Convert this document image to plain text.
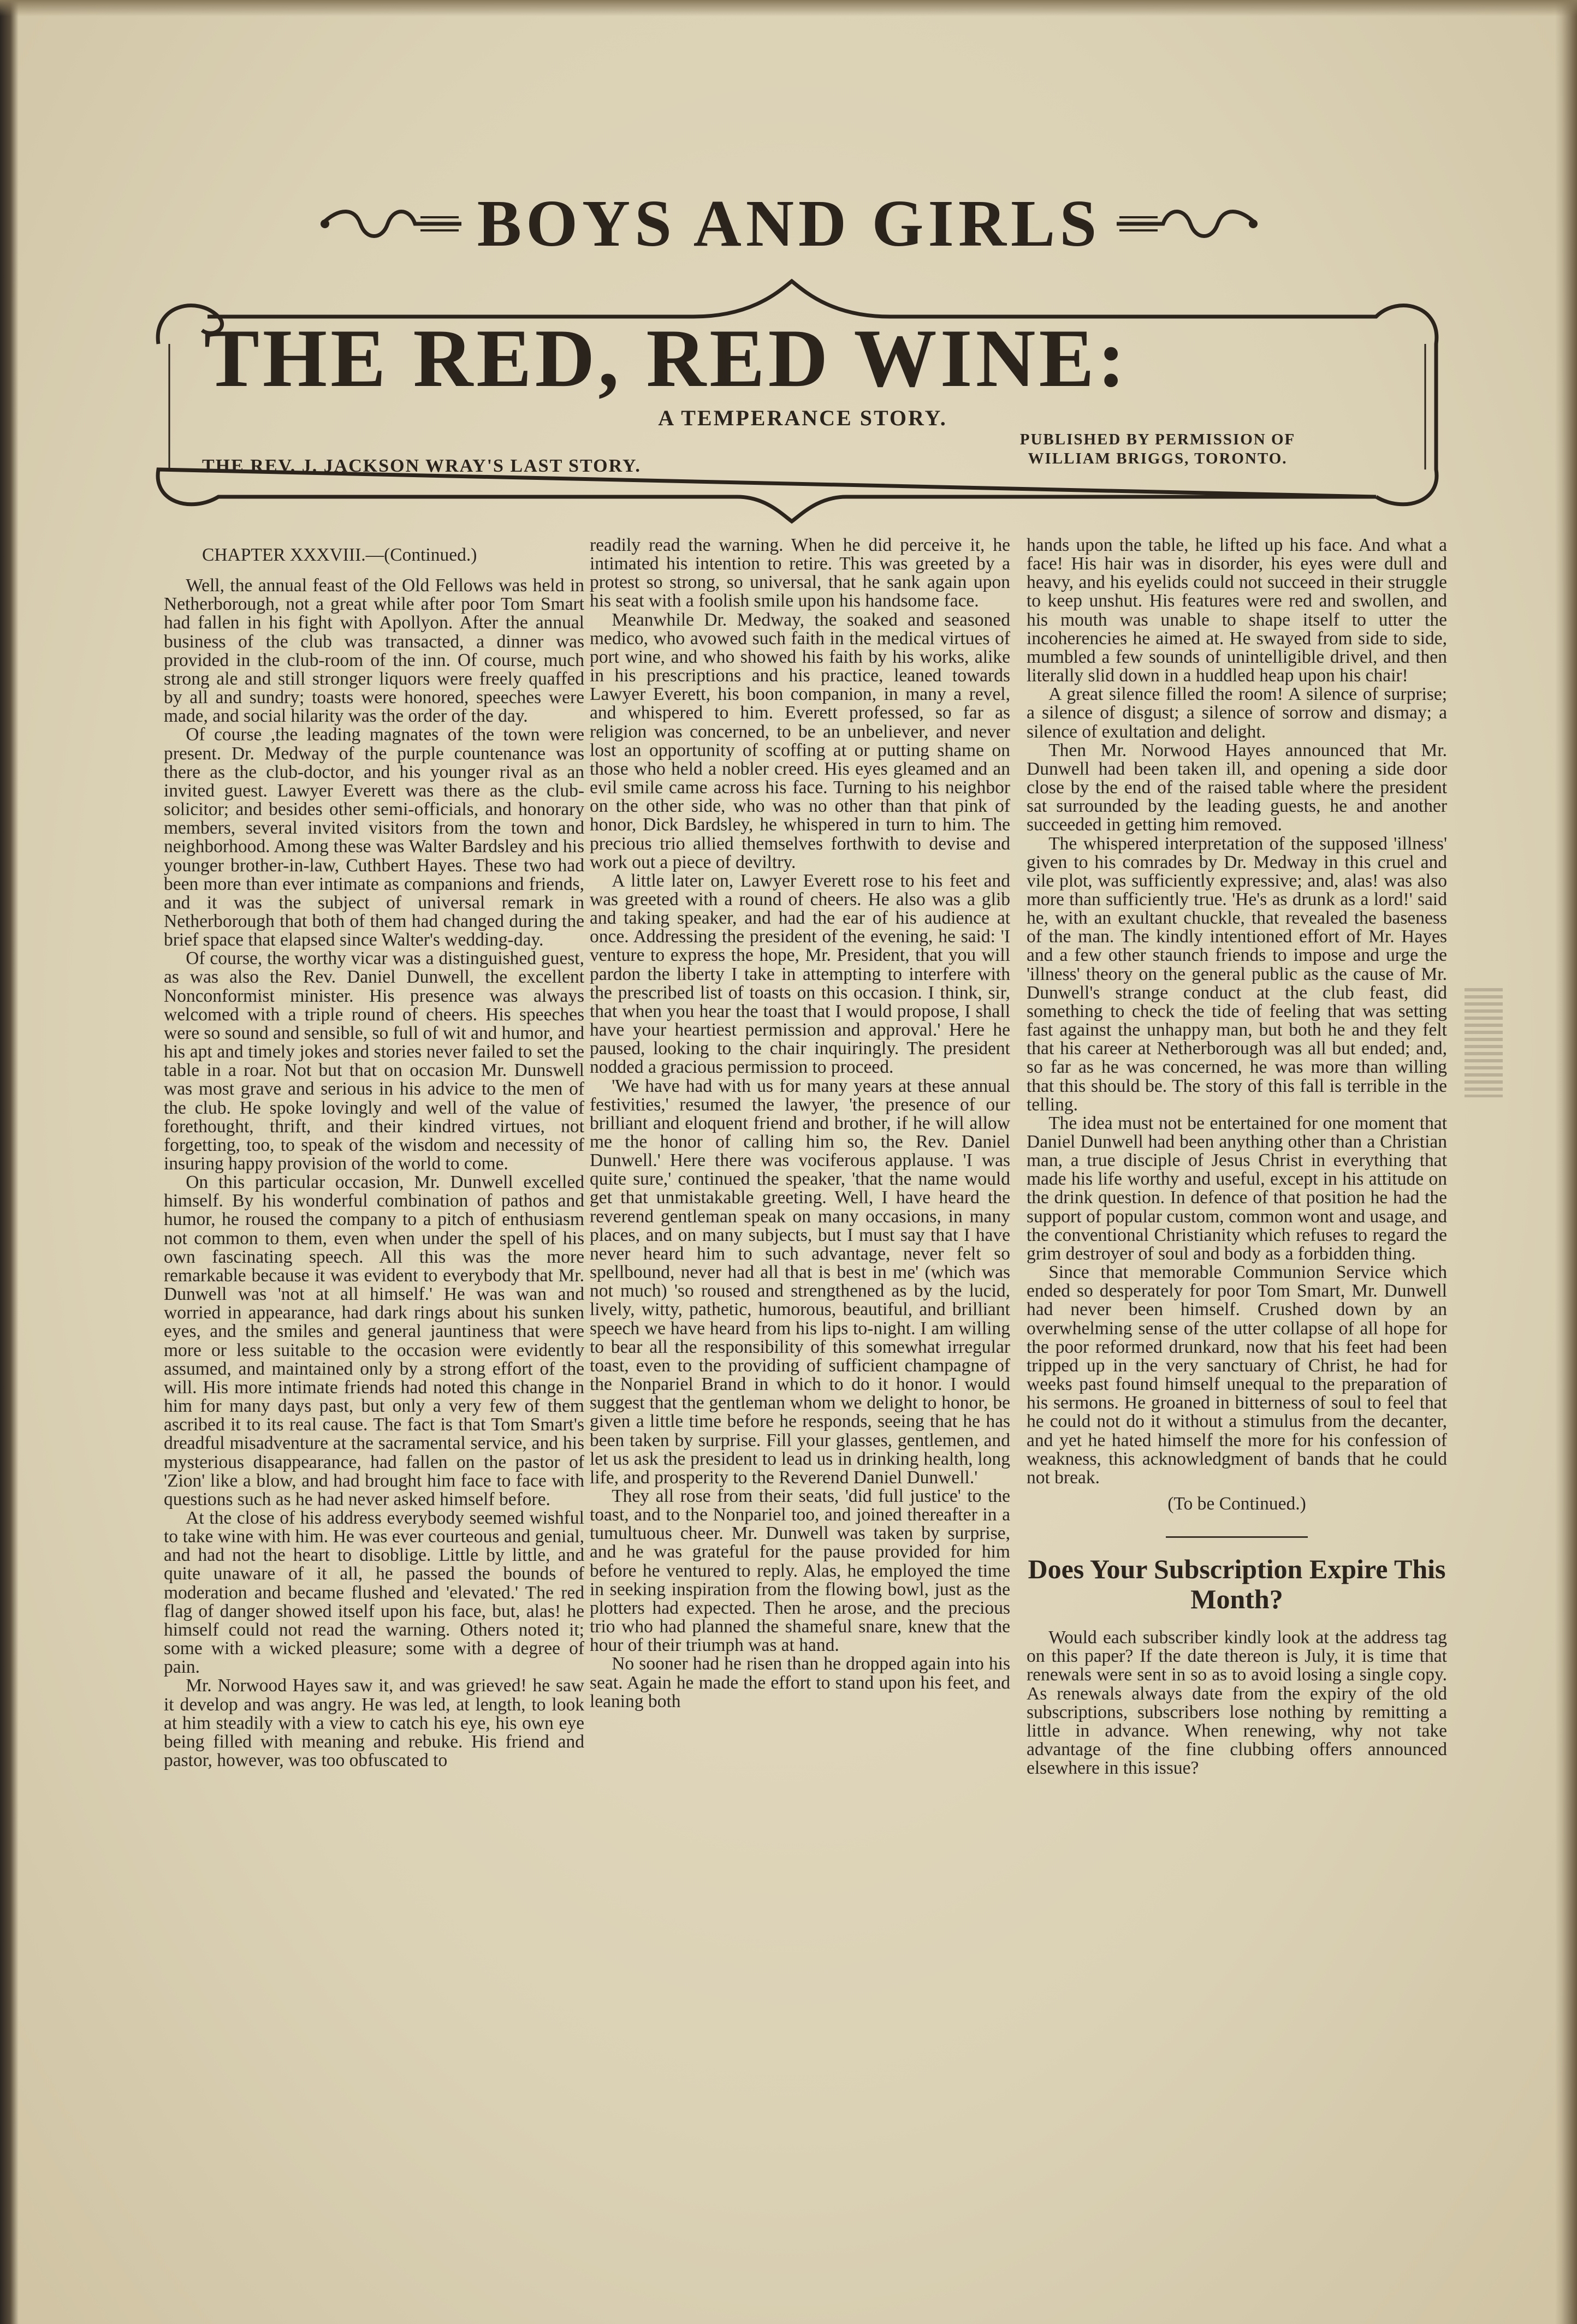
BOYS AND GIRLS
THE RED, RED WINE:
A TEMPERANCE STORY.
THE REV. J. JACKSON WRAY'S LAST STORY.
PUBLISHED BY PERMISSION OF
WILLIAM BRIGGS, TORONTO.

CHAPTER XXXVIII.—(Continued.)

Well, the annual feast of the Old Fellows was held in Netherborough, not a great while after poor Tom Smart had fallen in his fight with Apollyon. After the annual business of the club was transacted, a dinner was provided in the club-room of the inn. Of course, much strong ale and still stronger liquors were freely quaffed by all and sundry; toasts were honored, speeches were made, and social hilarity was the order of the day.

Of course ,the leading magnates of the town were present. Dr. Medway of the purple countenance was there as the club-doctor, and his younger rival as an invited guest. Lawyer Everett was there as the club-solicitor; and besides other semi-officials, and honorary members, several invited visitors from the town and neighborhood. Among these was Walter Bardsley and his younger brother-in-law, Cuthbert Hayes. These two had been more than ever intimate as companions and friends, and it was the subject of universal remark in Netherborough that both of them had changed during the brief space that elapsed since Walter's wedding-day.

Of course, the worthy vicar was a distinguished guest, as was also the Rev. Daniel Dunwell, the excellent Nonconformist minister. His presence was always welcomed with a triple round of cheers. His speeches were so sound and sensible, so full of wit and humor, and his apt and timely jokes and stories never failed to set the table in a roar. Not but that on occasion Mr. Dunswell was most grave and serious in his advice to the men of the club. He spoke lovingly and well of the value of forethought, thrift, and their kindred virtues, not forgetting, too, to speak of the wisdom and necessity of insuring happy provision of the world to come.

On this particular occasion, Mr. Dunwell excelled himself. By his wonderful combination of pathos and humor, he roused the company to a pitch of enthusiasm not common to them, even when under the spell of his own fascinating speech. All this was the more remarkable because it was evident to everybody that Mr. Dunwell was 'not at all himself.' He was wan and worried in appearance, had dark rings about his sunken eyes, and the smiles and general jauntiness that were more or less suitable to the occasion were evidently assumed, and maintained only by a strong effort of the will. His more intimate friends had noted this change in him for many days past, but only a very few of them ascribed it to its real cause. The fact is that Tom Smart's dreadful misadventure at the sacramental service, and his mysterious disappearance, had fallen on the pastor of 'Zion' like a blow, and had brought him face to face with questions such as he had never asked himself before.

At the close of his address everybody seemed wishful to take wine with him. He was ever courteous and genial, and had not the heart to disoblige. Little by little, and quite unaware of it all, he passed the bounds of moderation and became flushed and 'elevated.' The red flag of danger showed itself upon his face, but, alas! he himself could not read the warning. Others noted it; some with a wicked pleasure; some with a degree of pain.

Mr. Norwood Hayes saw it, and was grieved! he saw it develop and was angry. He was led, at length, to look at him steadily with a view to catch his eye, his own eye being filled with meaning and rebuke. His friend and pastor, however, was too obfuscated to

readily read the warning. When he did perceive it, he intimated his intention to retire. This was greeted by a protest so strong, so universal, that he sank again upon his seat with a foolish smile upon his handsome face.

Meanwhile Dr. Medway, the soaked and seasoned medico, who avowed such faith in the medical virtues of port wine, and who showed his faith by his works, alike in his prescriptions and his practice, leaned towards Lawyer Everett, his boon companion, in many a revel, and whispered to him. Everett professed, so far as religion was concerned, to be an unbeliever, and never lost an opportunity of scoffing at or putting shame on those who held a nobler creed. His eyes gleamed and an evil smile came across his face. Turning to his neighbor on the other side, who was no other than that pink of honor, Dick Bardsley, he whispered in turn to him. The precious trio allied themselves forthwith to devise and work out a piece of deviltry.

A little later on, Lawyer Everett rose to his feet and was greeted with a round of cheers. He also was a glib and taking speaker, and had the ear of his audience at once. Addressing the president of the evening, he said: 'I venture to express the hope, Mr. President, that you will pardon the liberty I take in attempting to interfere with the prescribed list of toasts on this occasion. I think, sir, that when you hear the toast that I would propose, I shall have your heartiest permission and approval.' Here he paused, looking to the chair inquiringly. The president nodded a gracious permission to proceed.

'We have had with us for many years at these annual festivities,' resumed the lawyer, 'the presence of our brilliant and eloquent friend and brother, if he will allow me the honor of calling him so, the Rev. Daniel Dunwell.' Here there was vociferous applause. 'I was quite sure,' continued the speaker, 'that the name would get that unmistakable greeting. Well, I have heard the reverend gentleman speak on many occasions, in many places, and on many subjects, but I must say that I have never heard him to such advantage, never felt so spellbound, never had all that is best in me' (which was not much) 'so roused and strengthened as by the lucid, lively, witty, pathetic, humorous, beautiful, and brilliant speech we have heard from his lips to-night. I am willing to bear all the responsibility of this somewhat irregular toast, even to the providing of sufficient champagne of the Nonpariel Brand in which to do it honor. I would suggest that the gentleman whom we delight to honor, be given a little time before he responds, seeing that he has been taken by surprise. Fill your glasses, gentlemen, and let us ask the president to lead us in drinking health, long life, and prosperity to the Reverend Daniel Dunwell.'

They all rose from their seats, 'did full justice' to the toast, and to the Nonpariel too, and joined thereafter in a tumultuous cheer. Mr. Dunwell was taken by surprise, and he was grateful for the pause provided for him before he ventured to reply. Alas, he employed the time in seeking inspiration from the flowing bowl, just as the plotters had expected. Then he arose, and the precious trio who had planned the shameful snare, knew that the hour of their triumph was at hand.

No sooner had he risen than he dropped again into his seat. Again he made the effort to stand upon his feet, and leaning both

hands upon the table, he lifted up his face. And what a face! His hair was in disorder, his eyes were dull and heavy, and his eyelids could not succeed in their struggle to keep unshut. His features were red and swollen, and his mouth was unable to shape itself to utter the incoherencies he aimed at. He swayed from side to side, mumbled a few sounds of unintelligible drivel, and then literally slid down in a huddled heap upon his chair!

A great silence filled the room! A silence of surprise; a silence of disgust; a silence of sorrow and dismay; a silence of exultation and delight.

Then Mr. Norwood Hayes announced that Mr. Dunwell had been taken ill, and opening a side door close by the end of the raised table where the president sat surrounded by the leading guests, he and another succeeded in getting him removed.

The whispered interpretation of the supposed 'illness' given to his comrades by Dr. Medway in this cruel and vile plot, was sufficiently expressive; and, alas! was also more than sufficiently true. 'He's as drunk as a lord!' said he, with an exultant chuckle, that revealed the baseness of the man. The kindly intentioned effort of Mr. Hayes and a few other staunch friends to impose and urge the 'illness' theory on the general public as the cause of Mr. Dunwell's strange conduct at the club feast, did something to check the tide of feeling that was setting fast against the unhappy man, but both he and they felt that his career at Netherborough was all but ended; and, so far as he was concerned, he was more than willing that this should be. The story of this fall is terrible in the telling.

The idea must not be entertained for one moment that Daniel Dunwell had been anything other than a Christian man, a true disciple of Jesus Christ in everything that made his life worthy and useful, except in his attitude on the drink question. In defence of that position he had the support of popular custom, common wont and usage, and the conventional Christianity which refuses to regard the grim destroyer of soul and body as a forbidden thing.

Since that memorable Communion Service which ended so desperately for poor Tom Smart, Mr. Dunwell had never been himself. Crushed down by an overwhelming sense of the utter collapse of all hope for the poor reformed drunkard, now that his feet had been tripped up in the very sanctuary of Christ, he had for weeks past found himself unequal to the preparation of his sermons. He groaned in bitterness of soul to feel that he could not do it without a stimulus from the decanter, and yet he hated himself the more for his confession of weakness, this acknowledgment of bands that he could not break.

(To be Continued.)

Does Your Subscription Expire This Month?

Would each subscriber kindly look at the address tag on this paper? If the date thereon is July, it is time that renewals were sent in so as to avoid losing a single copy. As renewals always date from the expiry of the old subscriptions, subscribers lose nothing by remitting a little in advance. When renewing, why not take advantage of the fine clubbing offers announced elsewhere in this issue?
